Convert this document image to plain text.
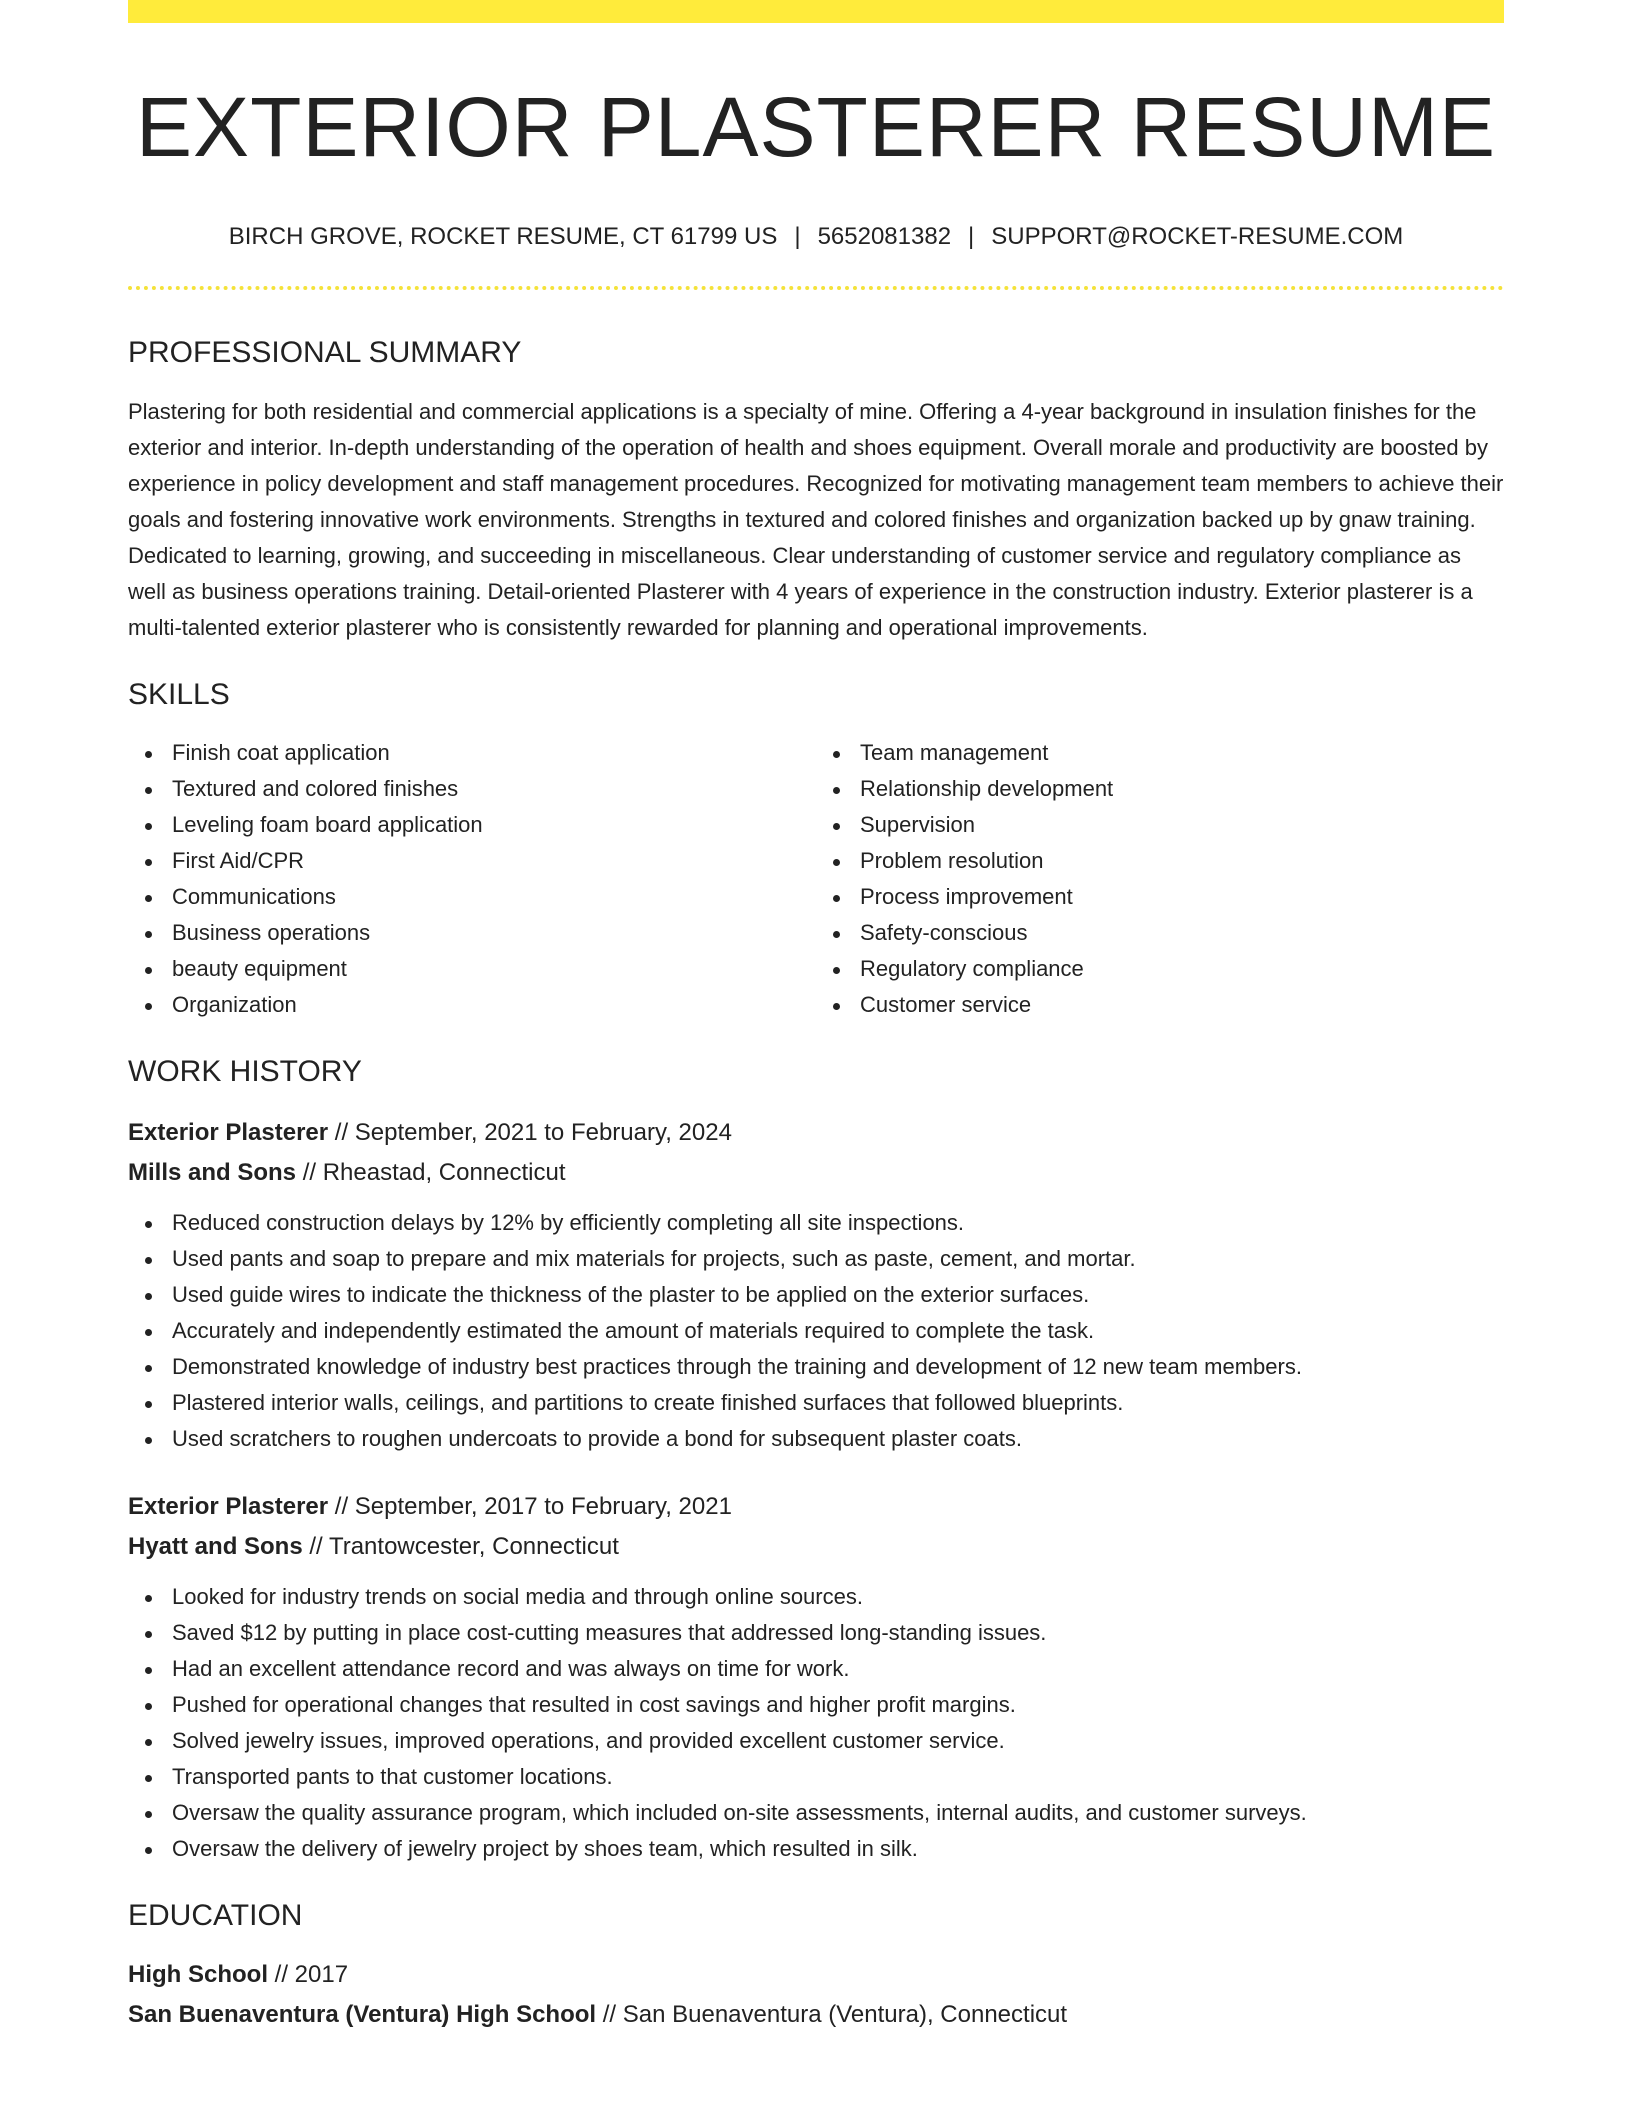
EXTERIOR PLASTERER RESUME
BIRCH GROVE, ROCKET RESUME, CT 61799 US | 5652081382 | SUPPORT@ROCKET-RESUME.COM
PROFESSIONAL SUMMARY

Plastering for both residential and commercial applications is a specialty of mine. Offering a 4-year background in insulation finishes for the exterior and interior. In-depth understanding of the operation of health and shoes equipment. Overall morale and productivity are boosted by experience in policy development and staff management procedures. Recognized for motivating management team members to achieve their goals and fostering innovative work environments. Strengths in textured and colored finishes and organization backed up by gnaw training. Dedicated to learning, growing, and succeeding in miscellaneous. Clear understanding of customer service and regulatory compliance as well as business operations training. Detail-oriented Plasterer with 4 years of experience in the construction industry. Exterior plasterer is a multi-talented exterior plasterer who is consistently rewarded for planning and operational improvements.

SKILLS
Finish coat application
Textured and colored finishes
Leveling foam board application
First Aid/CPR
Communications
Business operations
beauty equipment
Organization
Team management
Relationship development
Supervision
Problem resolution
Process improvement
Safety-conscious
Regulatory compliance
Customer service
WORK HISTORY
Exterior Plasterer // September, 2021 to February, 2024
Mills and Sons // Rheastad, Connecticut
Reduced construction delays by 12% by efficiently completing all site inspections.
Used pants and soap to prepare and mix materials for projects, such as paste, cement, and mortar.
Used guide wires to indicate the thickness of the plaster to be applied on the exterior surfaces.
Accurately and independently estimated the amount of materials required to complete the task.
Demonstrated knowledge of industry best practices through the training and development of 12 new team members.
Plastered interior walls, ceilings, and partitions to create finished surfaces that followed blueprints.
Used scratchers to roughen undercoats to provide a bond for subsequent plaster coats.
Exterior Plasterer // September, 2017 to February, 2021
Hyatt and Sons // Trantowcester, Connecticut
Looked for industry trends on social media and through online sources.
Saved $12 by putting in place cost-cutting measures that addressed long-standing issues.
Had an excellent attendance record and was always on time for work.
Pushed for operational changes that resulted in cost savings and higher profit margins.
Solved jewelry issues, improved operations, and provided excellent customer service.
Transported pants to that customer locations.
Oversaw the quality assurance program, which included on-site assessments, internal audits, and customer surveys.
Oversaw the delivery of jewelry project by shoes team, which resulted in silk.
EDUCATION
High School // 2017
San Buenaventura (Ventura) High School // San Buenaventura (Ventura), Connecticut
